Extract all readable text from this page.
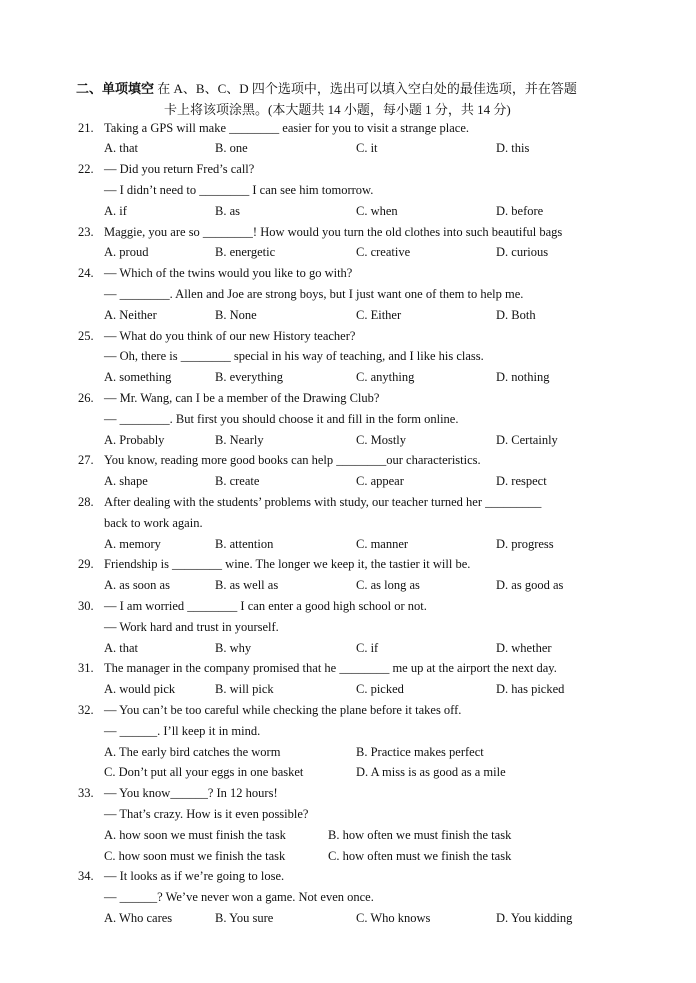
二、单项填空 在 A、B、C、D 四个选项中，选出可以填入空白处的最佳选项，并在答题
卡上将该项涂黑。(本大题共 14 小题，每小题 1 分，共 14 分)
21. Taking a GPS will make ________ easier for you to visit a strange place.
A. that	B. one	C. it	D. this
22. — Did you return Fred’s call?
— I didn’t need to ________ I can see him tomorrow.
A. if	B. as	C. when	D. before
23. Maggie, you are so ________! How would you turn the old clothes into such beautiful bags
A. proud	B. energetic	C. creative	D. curious
24. — Which of the twins would you like to go with?
— ________. Allen and Joe are strong boys, but I just want one of them to help me.
A. Neither	B. None	C. Either	D. Both
25. — What do you think of our new History teacher?
— Oh, there is ________ special in his way of teaching, and I like his class.
A. something	B. everything	C. anything	D. nothing
26. — Mr. Wang, can I be a member of the Drawing Club?
— ________. But first you should choose it and fill in the form online.
A. Probably	B. Nearly	C. Mostly	D. Certainly
27. You know, reading more good books can help ________our characteristics.
A. shape	B. create	C. appear	D. respect
28. After dealing with the students’ problems with study, our teacher turned her _________
back to work again.
A. memory	B. attention	C. manner	D. progress
29. Friendship is ________ wine. The longer we keep it, the tastier it will be.
A. as soon as	B. as well as	C. as long as	D. as good as
30. — I am worried ________ I can enter a good high school or not.
— Work hard and trust in yourself.
A. that	B. why	C. if	D. whether
31. The manager in the company promised that he ________ me up at the airport the next day.
A. would pick	B. will pick	C. picked	D. has picked
32. — You can’t be too careful while checking the plane before it takes off.
— ______. I’ll keep it in mind.
A. The early bird catches the worm	B. Practice makes perfect
C. Don’t put all your eggs in one basket	D. A miss is as good as a mile
33. — You know______? In 12 hours!
— That’s crazy. How is it even possible?
A. how soon we must finish the task	B. how often we must finish the task
C. how soon must we finish the task	C. how often must we finish the task
34. — It looks as if we’re going to lose.
— ______? We’ve never won a game. Not even once.
A. Who cares	B. You sure	C. Who knows	D. You kidding
